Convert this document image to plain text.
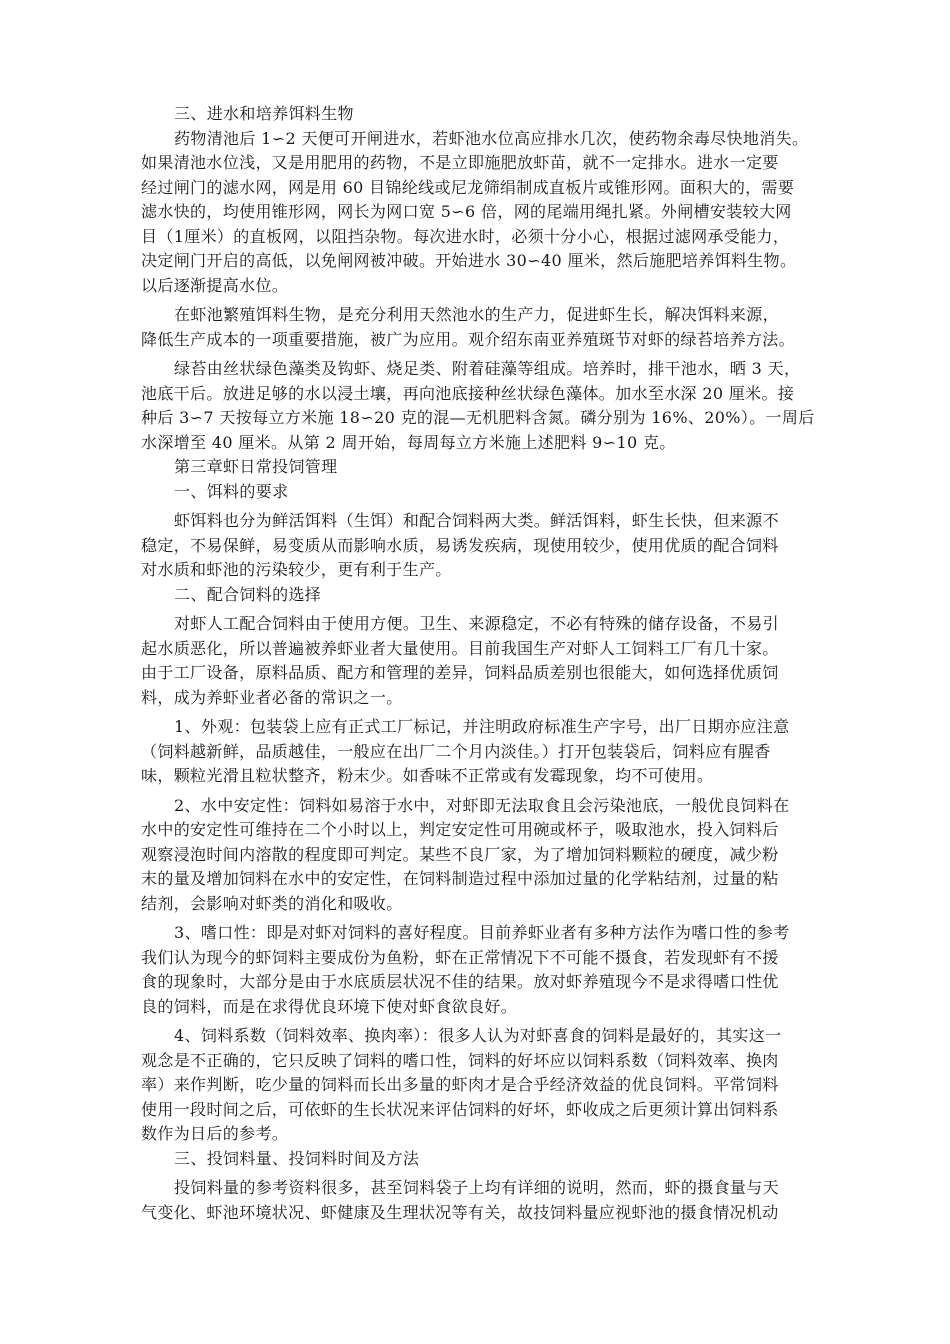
三、进水和培养饵料生物
药物清池后 1∽2 天便可开闸进水，若虾池水位高应排水几次，使药物余毒尽快地消失。
如果清池水位浅，又是用肥用的药物，不是立即施肥放虾苗，就不一定排水。进水一定要
经过闸门的滤水网，网是用 60 目锦纶线或尼龙筛绢制成直板片或锥形网。面积大的，需要
滤水快的，均使用锥形网，网长为网口宽 5∽6 倍，网的尾端用绳扎紧。外闸槽安装较大网
目（1厘米）的直板网，以阻挡杂物。每次进水时，必须十分小心，根据过滤网承受能力，
决定闸门开启的高低，以免闸网被冲破。开始进水 30∽40 厘米，然后施肥培养饵料生物。
以后逐渐提高水位。
在虾池繁殖饵料生物，是充分利用天然池水的生产力，促进虾生长，解决饵料来源，
降低生产成本的一项重要措施，被广为应用。观介绍东南亚养殖斑节对虾的绿苔培养方法。
绿苔由丝状绿色藻类及钩虾、烧足类、附着硅藻等组成。培养时，排干池水，晒 3 天，
池底干后。放进足够的水以浸土壤，再向池底接种丝状绿色藻体。加水至水深 20 厘米。接
种后 3∽7 天按每立方米施 18∽20 克的混—无机肥料含氮。磷分别为 16%、20%）。一周后
水深增至 40 厘米。从第 2 周开始，每周每立方米施上述肥料 9∽10 克。
第三章虾日常投饲管理
一、饵料的要求
虾饵料也分为鲜活饵料（生饵）和配合饲料两大类。鲜活饵料，虾生长快，但来源不
稳定，不易保鲜，易变质从而影响水质，易诱发疾病，现使用较少，使用优质的配合饲料
对水质和虾池的污染较少，更有利于生产。
二、配合饲料的选择
对虾人工配合饲料由于使用方便。卫生、来源稳定，不必有特殊的储存设备，不易引
起水质恶化，所以普遍被养虾业者大量使用。目前我国生产对虾人工饲料工厂有几十家。
由于工厂设备，原料品质、配方和管理的差异，饲料品质差别也很能大，如何选择优质饲
料，成为养虾业者必备的常识之一。
1、外观：包装袋上应有正式工厂标记，并注明政府标准生产字号，出厂日期亦应注意
（饲料越新鲜，品质越佳，一般应在出厂二个月内淡佳。）打开包装袋后，饲料应有腥香
味，颗粒光滑且粒状整齐，粉末少。如香味不正常或有发霉现象，均不可使用。
2、水中安定性：饲料如易溶于水中，对虾即无法取食且会污染池底，一般优良饲料在
水中的安定性可维持在二个小时以上，判定安定性可用碗或杯子，吸取池水，投入饲料后
观察浸泡时间内溶散的程度即可判定。某些不良厂家，为了增加饲料颗粒的硬度，减少粉
末的量及增加饲料在水中的安定性，在饲料制造过程中添加过量的化学粘结剂，过量的粘
结剂，会影响对虾类的消化和吸收。
3、嗜口性：即是对虾对饲料的喜好程度。目前养虾业者有多种方法作为嗜口性的参考
我们认为现今的虾饲料主要成份为鱼粉，虾在正常情况下不可能不摄食，若发现虾有不援
食的现象时，大部分是由于水底质层状况不佳的结果。放对虾养殖现今不是求得嗜口性优
良的饲料，而是在求得优良环境下使对虾食欲良好。
4、饲料系数（饲料效率、换肉率）：很多人认为对虾喜食的饲料是最好的，其实这一
观念是不正确的，它只反映了饲料的嗜口性，饲料的好坏应以饲料系数（饲料效率、换肉
率）来作判断，吃少量的饲料而长出多量的虾肉才是合乎经济效益的优良饲料。平常饲料
使用一段时间之后，可依虾的生长状况来评估饲料的好坏，虾收成之后更须计算出饲料系
数作为日后的参考。
三、投饲料量、投饲料时间及方法
投饲料量的参考资料很多，甚至饲料袋子上均有详细的说明，然而，虾的摄食量与天
气变化、虾池环境状况、虾健康及生理状况等有关，故技饲料量应视虾池的摄食情况机动
